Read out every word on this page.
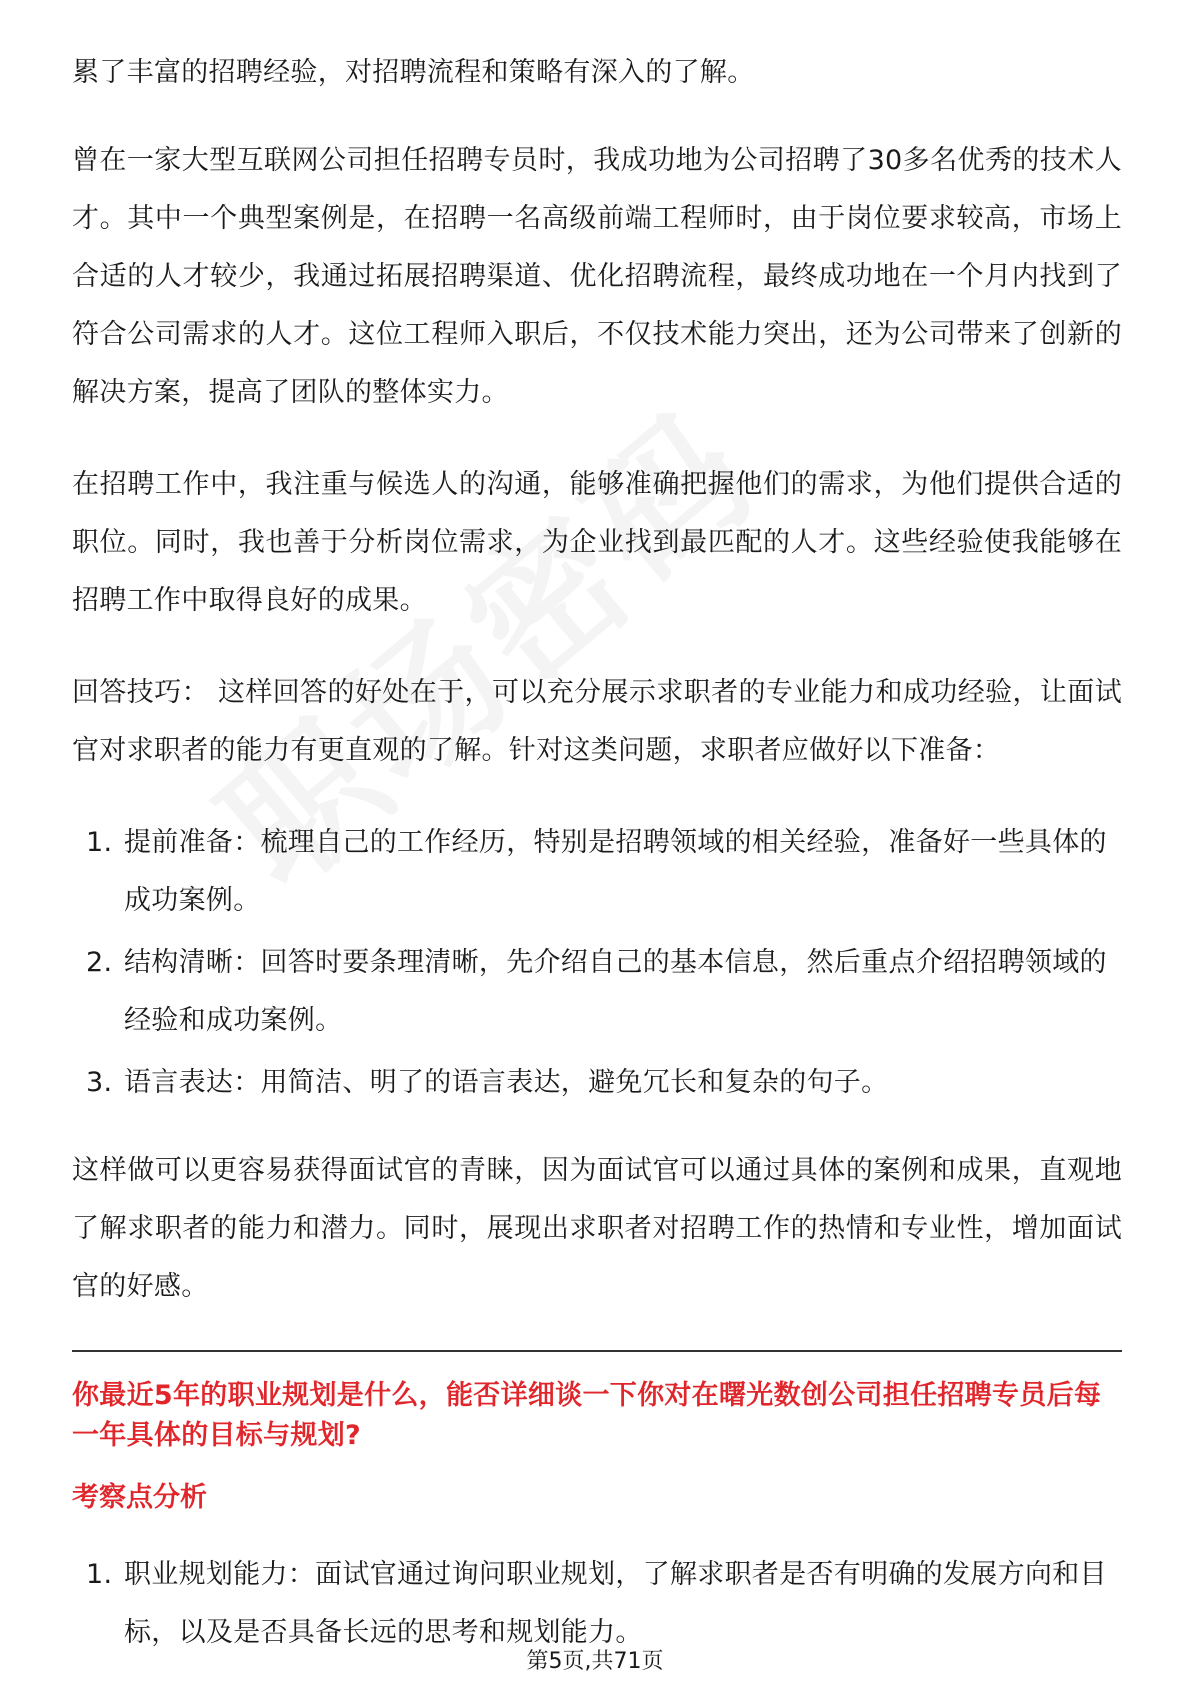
累了丰富的招聘经验，对招聘流程和策略有深入的了解。

曾在一家大型互联网公司担任招聘专员时，我成功地为公司招聘了30多名优秀的技术人才。其中一个典型案例是，在招聘一名高级前端工程师时，由于岗位要求较高，市场上合适的人才较少，我通过拓展招聘渠道、优化招聘流程，最终成功地在一个月内找到了符合公司需求的人才。这位工程师入职后，不仅技术能力突出，还为公司带来了创新的解决方案，提高了团队的整体实力。

在招聘工作中，我注重与候选人的沟通，能够准确把握他们的需求，为他们提供合适的职位。同时，我也善于分析岗位需求，为企业找到最匹配的人才。这些经验使我能够在招聘工作中取得良好的成果。

回答技巧： 这样回答的好处在于，可以充分展示求职者的专业能力和成功经验，让面试官对求职者的能力有更直观的了解。针对这类问题，求职者应做好以下准备：

1. 提前准备：梳理自己的工作经历，特别是招聘领域的相关经验，准备好一些具体的成功案例。
2. 结构清晰：回答时要条理清晰，先介绍自己的基本信息，然后重点介绍招聘领域的经验和成功案例。
3. 语言表达：用简洁、明了的语言表达，避免冗长和复杂的句子。

这样做可以更容易获得面试官的青睐，因为面试官可以通过具体的案例和成果，直观地了解求职者的能力和潜力。同时，展现出求职者对招聘工作的热情和专业性，增加面试官的好感。

你最近5年的职业规划是什么，能否详细谈一下你对在曙光数创公司担任招聘专员后每一年具体的目标与规划?
考察点分析
1. 职业规划能力：面试官通过询问职业规划，了解求职者是否有明确的发展方向和目标，以及是否具备长远的思考和规划能力。
第5页,共71页
